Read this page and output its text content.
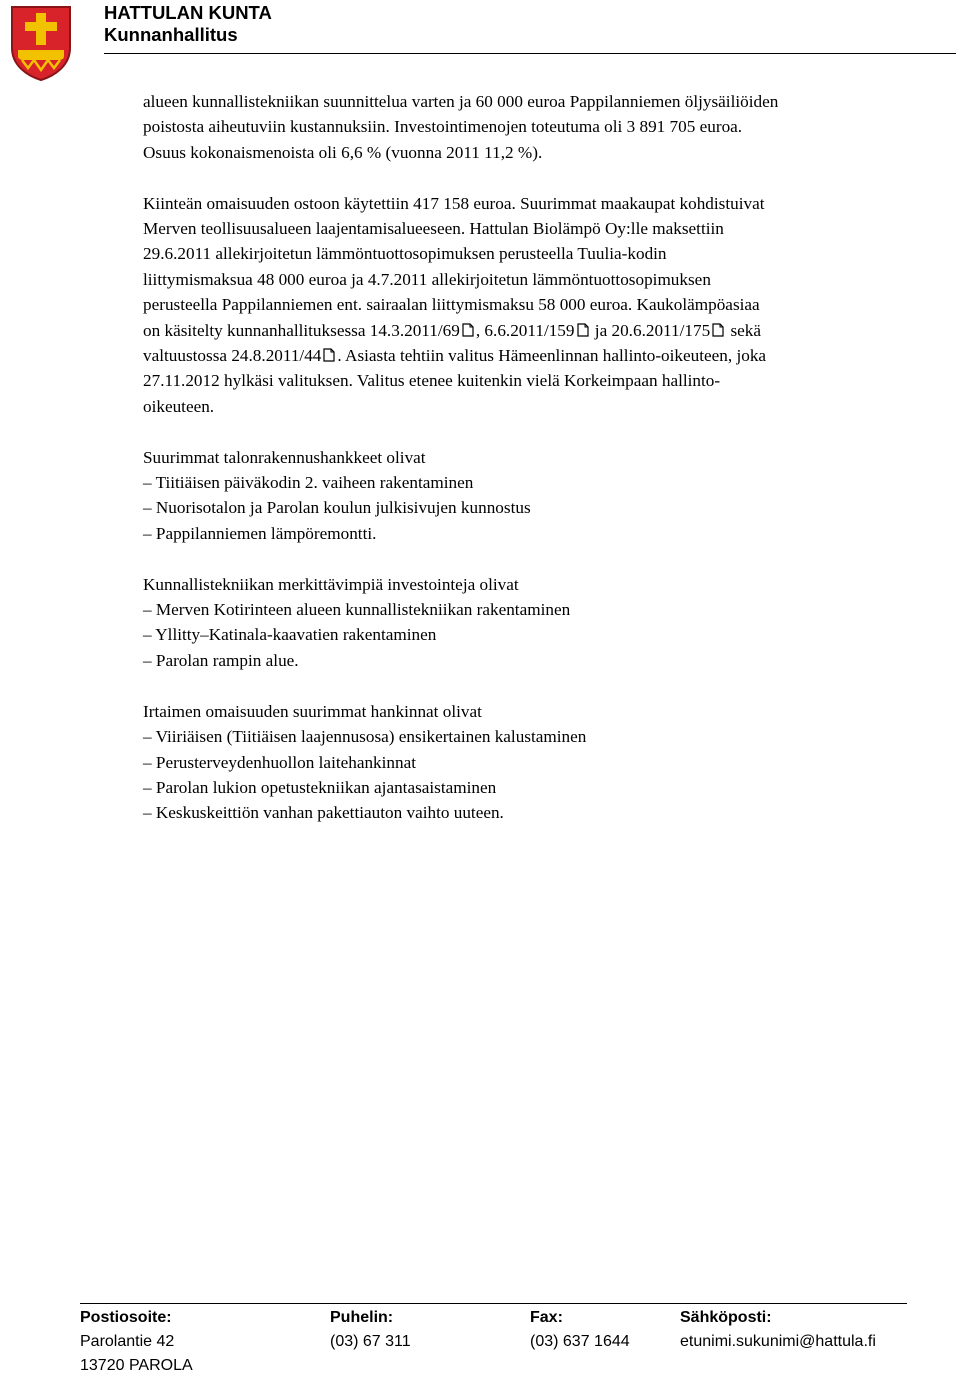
HATTULAN KUNTA
Kunnanhallitus
alueen kunnallistekniikan suunnittelua varten ja 60 000 euroa Pappilanniemen öljysäiliöiden
poistosta aiheutuviin kustannuksiin. Investointimenojen toteutuma oli 3 891 705 euroa.
Osuus kokonaismenoista oli 6,6 % (vuonna 2011 11,2 %).
Kiinteän omaisuuden ostoon käytettiin 417 158 euroa. Suurimmat maakaupat kohdistuivat
Merven teollisuusalueen laajentamisalueeseen. Hattulan Biolämpö Oy:lle maksettiin
29.6.2011 allekirjoitetun lämmöntuottosopimuksen perusteella Tuulia-kodin
liittymismaksua 48 000 euroa ja 4.7.2011 allekirjoitetun lämmöntuottosopimuksen
perusteella Pappilanniemen ent. sairaalan liittymismaksu 58 000 euroa. Kaukolämpöasiaa
on käsitelty kunnanhallituksessa 14.3.2011/69 , 6.6.2011/159 ja 20.6.2011/175 sekä
valtuustossa 24.8.2011/44 . Asiasta tehtiin valitus Hämeenlinnan hallinto-oikeuteen, joka
27.11.2012 hylkäsi valituksen. Valitus etenee kuitenkin vielä Korkeimpaan hallinto-
oikeuteen.
Suurimmat talonrakennushankkeet olivat
– Tiitiäisen päiväkodin 2. vaiheen rakentaminen
– Nuorisotalon ja Parolan koulun julkisivujen kunnostus
– Pappilanniemen lämpöremontti.
Kunnallistekniikan merkittävimpiä investointeja olivat
– Merven Kotirinteen alueen kunnallistekniikan rakentaminen
– Yllitty–Katinala-kaavatien rakentaminen
– Parolan rampin alue.
Irtaimen omaisuuden suurimmat hankinnat olivat
– Viiriäisen (Tiitiäisen laajennusosa) ensikertainen kalustaminen
– Perusterveydenhuollon laitehankinnat
– Parolan lukion opetustekniikan ajantasaistaminen
– Keskuskeittiön vanhan pakettiauton vaihto uuteen.
Postiosoite:
Parolantie 42
13720 PAROLA
Puhelin:
(03) 67 311
Fax:
(03) 637 1644
Sähköposti:
etunimi.sukunimi@hattula.fi
